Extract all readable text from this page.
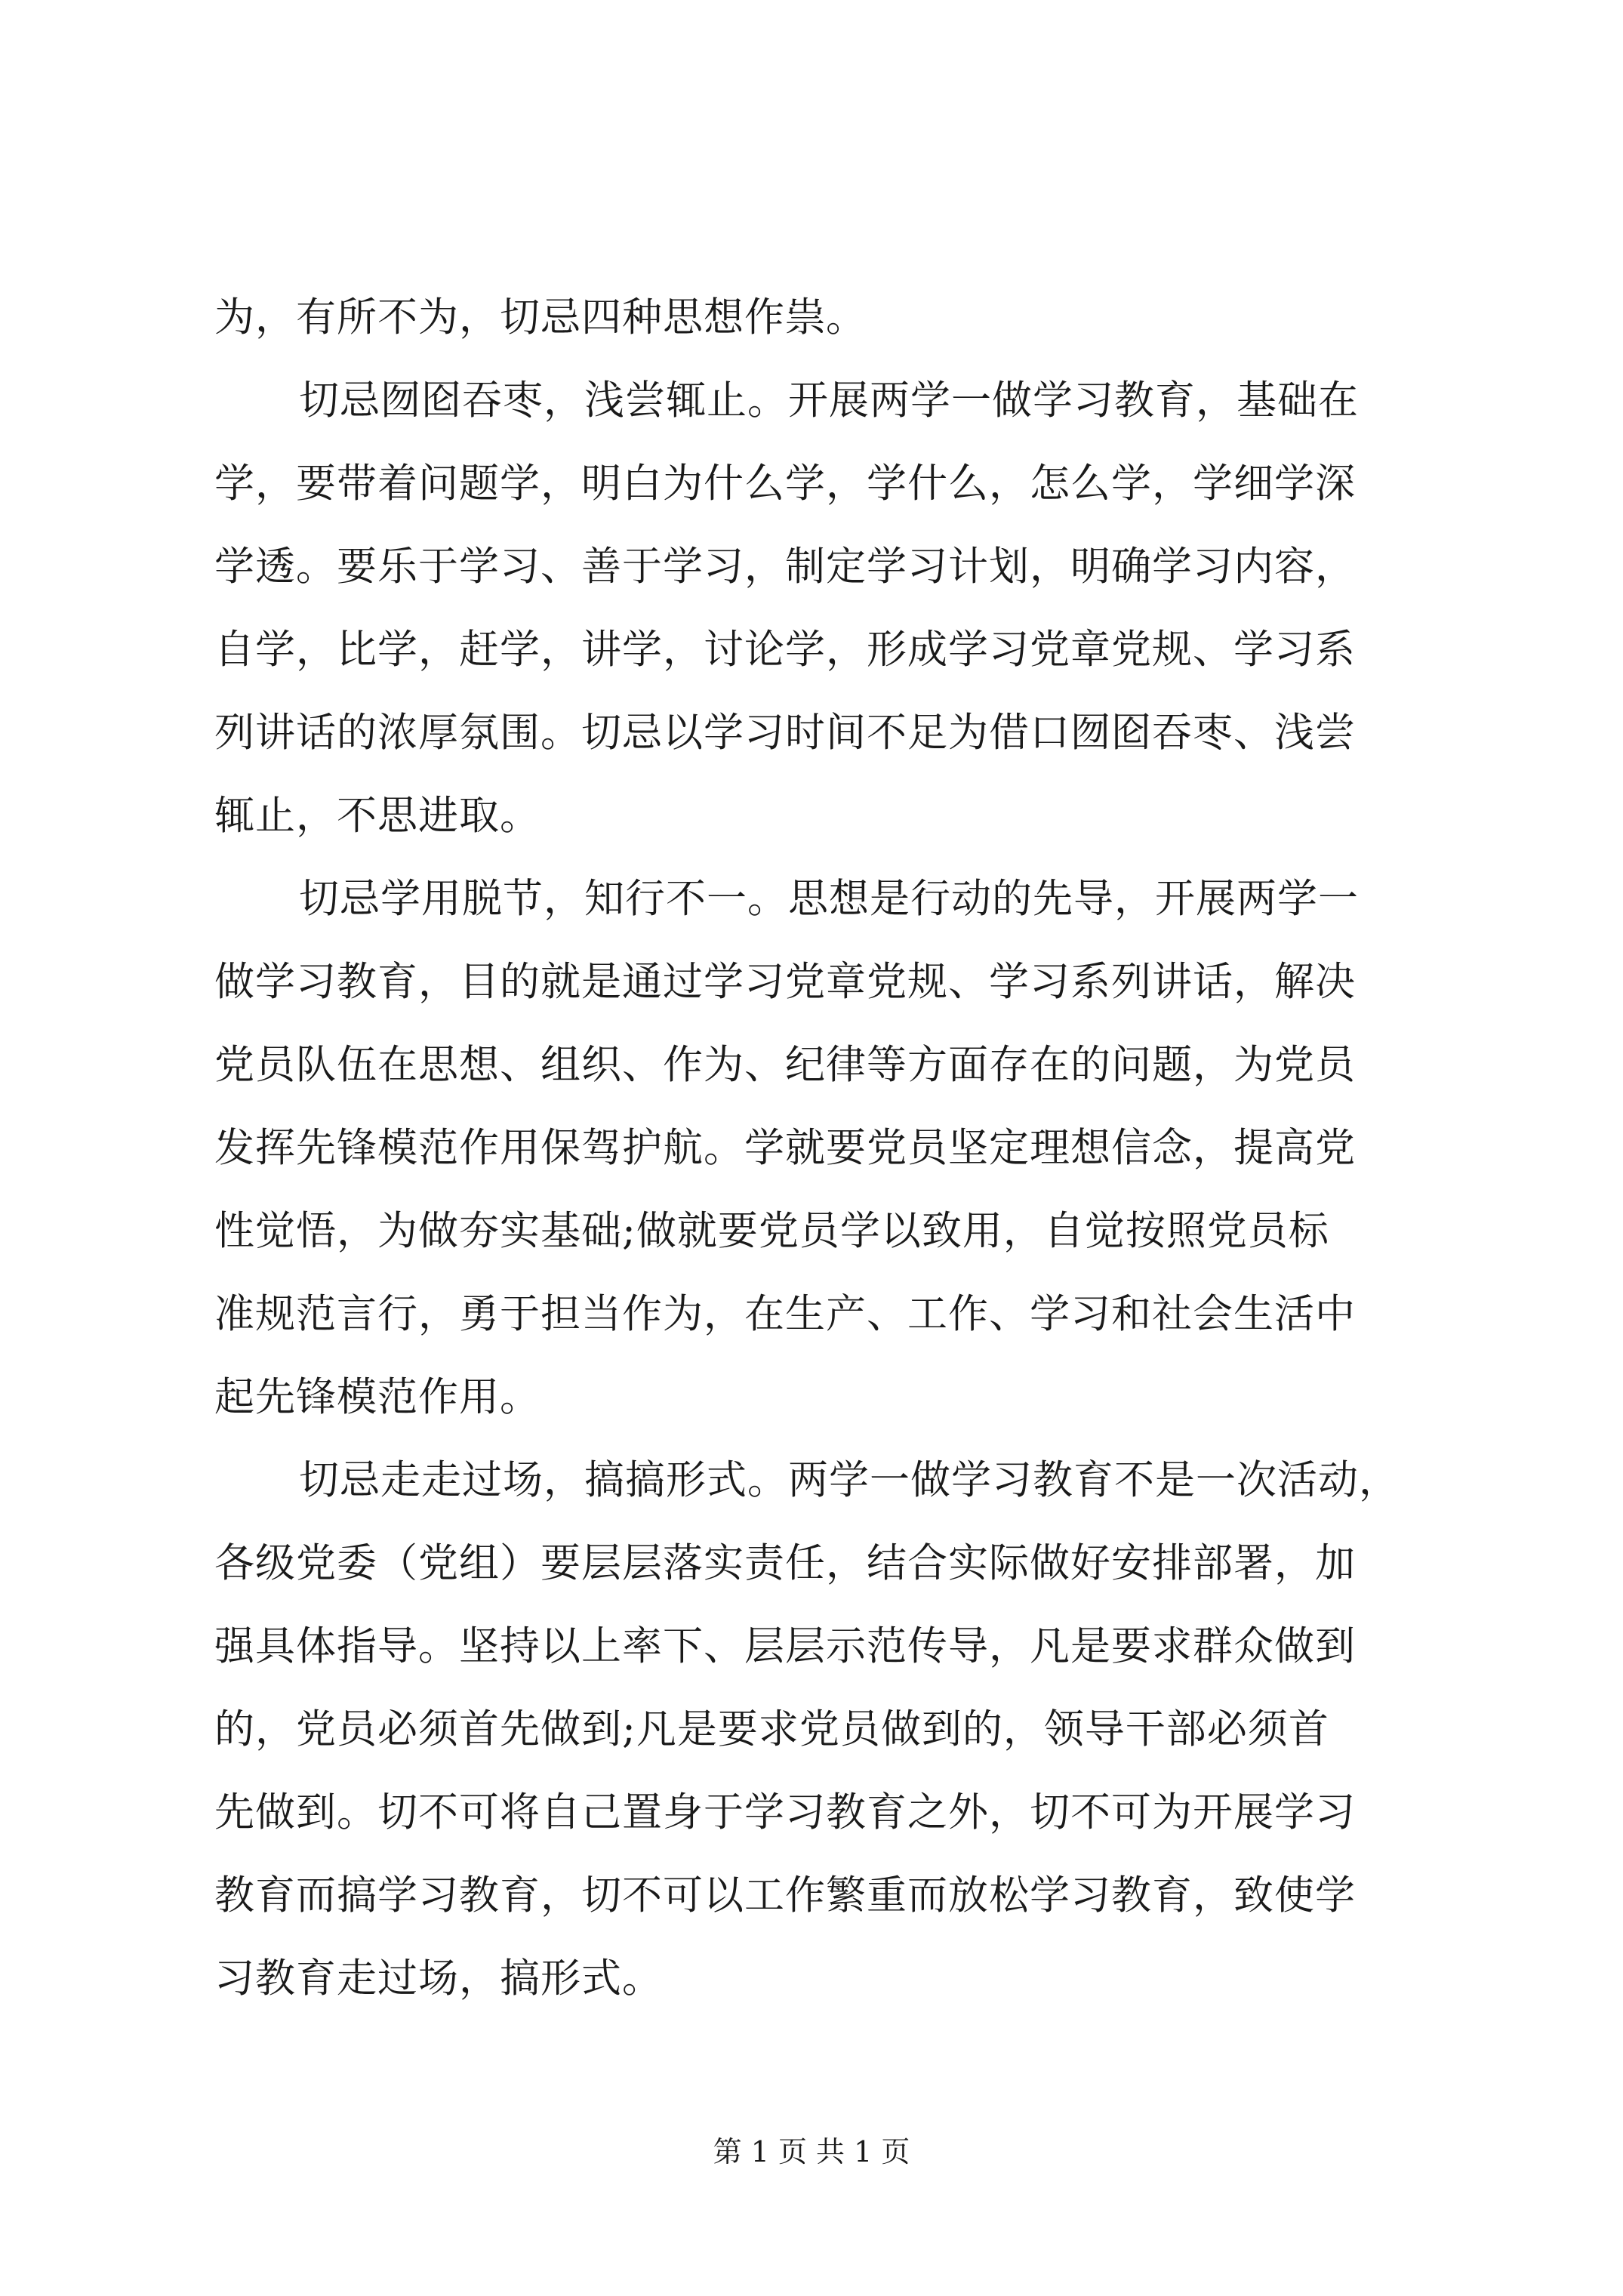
为，有所不为，切忌四种思想作祟。
切忌囫囵吞枣，浅尝辄止。开展两学一做学习教育，基础在
学，要带着问题学，明白为什么学，学什么，怎么学，学细学深
学透。要乐于学习、善于学习，制定学习计划，明确学习内容，
自学，比学，赶学，讲学，讨论学，形成学习党章党规、学习系
列讲话的浓厚氛围。切忌以学习时间不足为借口囫囵吞枣、浅尝
辄止，不思进取。
切忌学用脱节，知行不一。思想是行动的先导，开展两学一
做学习教育，目的就是通过学习党章党规、学习系列讲话，解决
党员队伍在思想、组织、作为、纪律等方面存在的问题，为党员
发挥先锋模范作用保驾护航。学就要党员坚定理想信念，提高党
性觉悟，为做夯实基础;做就要党员学以致用，自觉按照党员标
准规范言行，勇于担当作为，在生产、工作、学习和社会生活中
起先锋模范作用。
切忌走走过场，搞搞形式。两学一做学习教育不是一次活动，
各级党委（党组）要层层落实责任，结合实际做好安排部署，加
强具体指导。坚持以上率下、层层示范传导，凡是要求群众做到
的，党员必须首先做到;凡是要求党员做到的，领导干部必须首
先做到。切不可将自己置身于学习教育之外，切不可为开展学习
教育而搞学习教育，切不可以工作繁重而放松学习教育，致使学
习教育走过场，搞形式。
第 1 页 共 1 页
